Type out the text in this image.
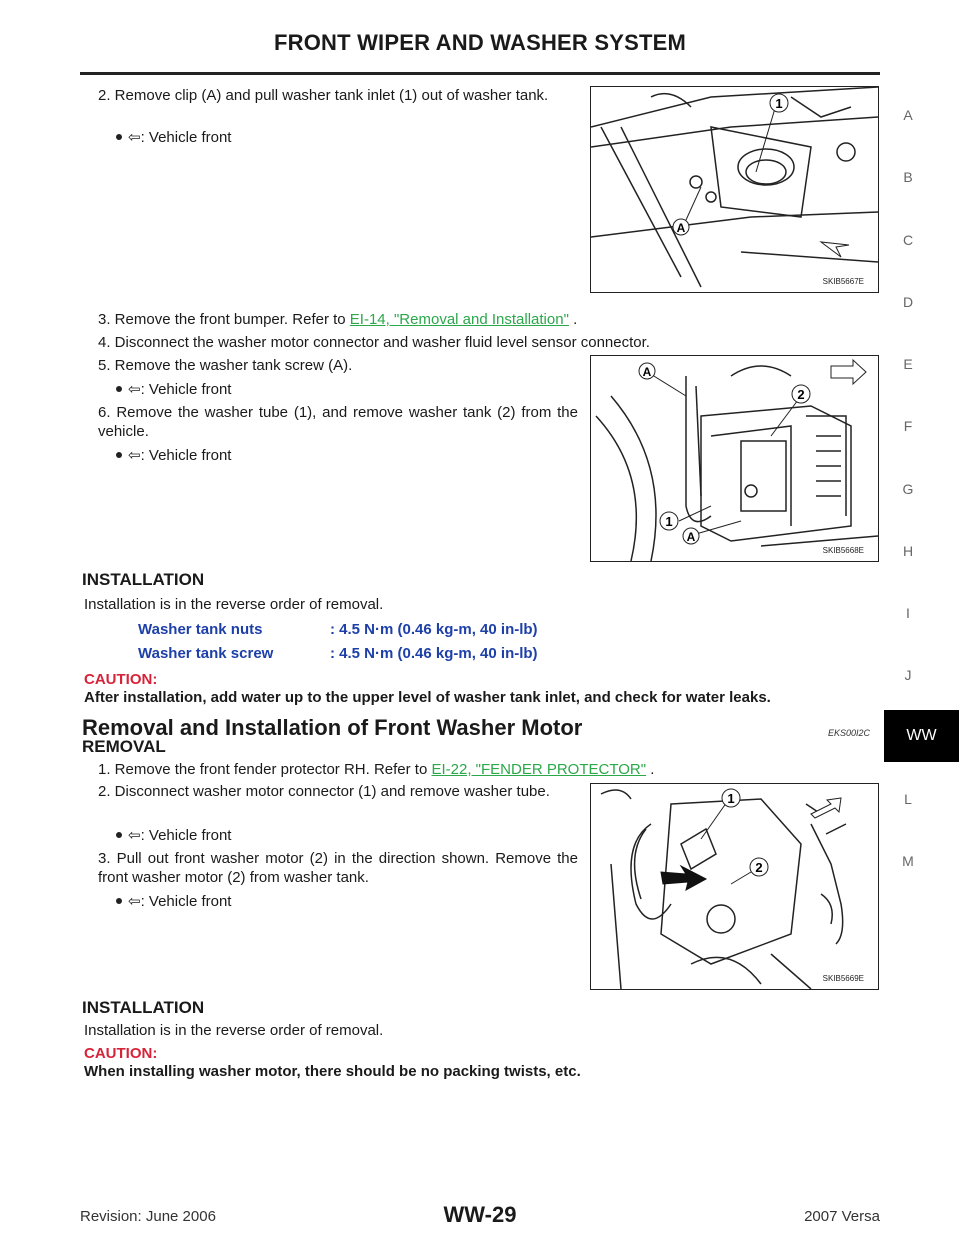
FRONT WIPER AND WASHER SYSTEM
2. Remove clip (A) and pull washer tank inlet (1) out of washer tank.
⇦: Vehicle front
1
A
SKIB5667E
3. Remove the front bumper. Refer to EI-14, "Removal and Installation" .
4. Disconnect the washer motor connector and washer fluid level sensor connector.
5. Remove the washer tank screw (A).
⇦: Vehicle front
6. Remove the washer tube (1), and remove washer tank (2) from the vehicle.
⇦: Vehicle front
A
2
1
A
SKIB5668E
INSTALLATION
Installation is in the reverse order of removal.
Washer tank nuts	: 4.5 N·m (0.46 kg-m, 40 in-lb)
Washer tank screw	: 4.5 N·m (0.46 kg-m, 40 in-lb)
CAUTION:
After installation, add water up to the upper level of washer tank inlet, and check for water leaks.
Removal and Installation of Front Washer Motor	EKS00I2C
REMOVAL
1. Remove the front fender protector RH. Refer to EI-22, "FENDER PROTECTOR" .
2. Disconnect washer motor connector (1) and remove washer tube.
⇦: Vehicle front
3. Pull out front washer motor (2) in the direction shown. Remove the front washer motor (2) from washer tank.
⇦: Vehicle front
1
2
SKIB5669E
INSTALLATION
Installation is in the reverse order of removal.
CAUTION:
When installing washer motor, there should be no packing twists, etc.
A
B
C
D
E
F
G
H
I
J
WW
L
M
Revision: June 2006	WW-29	2007 Versa
